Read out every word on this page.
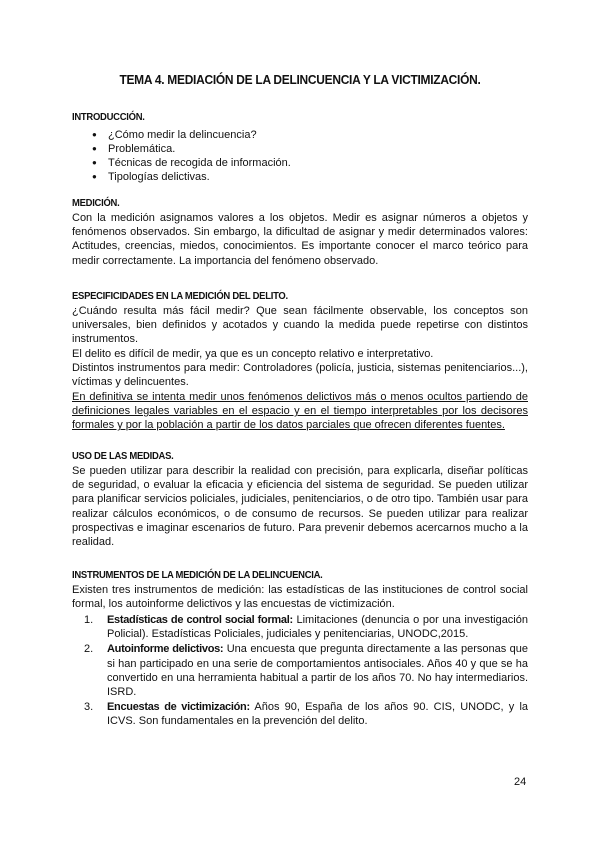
TEMA 4. MEDIACIÓN DE LA DELINCUENCIA Y LA VICTIMIZACIÓN.
INTRODUCCIÓN.
● ¿Cómo medir la delincuencia?
● Problemática.
● Técnicas de recogida de información.
● Tipologías delictivas.
MEDICIÓN.
Con la medición asignamos valores a los objetos. Medir es asignar números a objetos y fenómenos observados. Sin embargo, la dificultad de asignar y medir determinados valores: Actitudes, creencias, miedos, conocimientos. Es importante conocer el marco teórico para medir correctamente. La importancia del fenómeno observado.
ESPECIFICIDADES EN LA MEDICIÓN DEL DELITO.
¿Cuándo resulta más fácil medir? Que sean fácilmente observable, los conceptos son universales, bien definidos y acotados y cuando la medida puede repetirse con distintos instrumentos.
El delito es difícil de medir, ya que es un concepto relativo e interpretativo.
Distintos instrumentos para medir: Controladores (policía, justicia, sistemas penitenciarios...), víctimas y delincuentes.
En definitiva se intenta medir unos fenómenos delictivos más o menos ocultos partiendo de definiciones legales variables en el espacio y en el tiempo interpretables por los decisores formales y por la población a partir de los datos parciales que ofrecen diferentes fuentes.
USO DE LAS MEDIDAS.
Se pueden utilizar para describir la realidad con precisión, para explicarla, diseñar políticas de seguridad, o evaluar la eficacia y eficiencia del sistema de seguridad. Se pueden utilizar para planificar servicios policiales, judiciales, penitenciarios, o de otro tipo. También usar para realizar cálculos económicos, o de consumo de recursos. Se pueden utilizar para realizar prospectivas e imaginar escenarios de futuro. Para prevenir debemos acercarnos mucho a la realidad.
INSTRUMENTOS DE LA MEDICIÓN DE LA DELINCUENCIA.
Existen tres instrumentos de medición: las estadísticas de las instituciones de control social formal, los autoinforme delictivos y las encuestas de victimización.
1. Estadísticas de control social formal: Limitaciones (denuncia o por una investigación Policial). Estadísticas Policiales, judiciales y penitenciarias, UNODC,2015.
2. Autoinforme delictivos: Una encuesta que pregunta directamente a las personas que si han participado en una serie de comportamientos antisociales. Años 40 y que se ha convertido en una herramienta habitual a partir de los años 70. No hay intermediarios. ISRD.
3. Encuestas de victimización: Años 90, España de los años 90. CIS, UNODC, y la ICVS. Son fundamentales en la prevención del delito.
24
